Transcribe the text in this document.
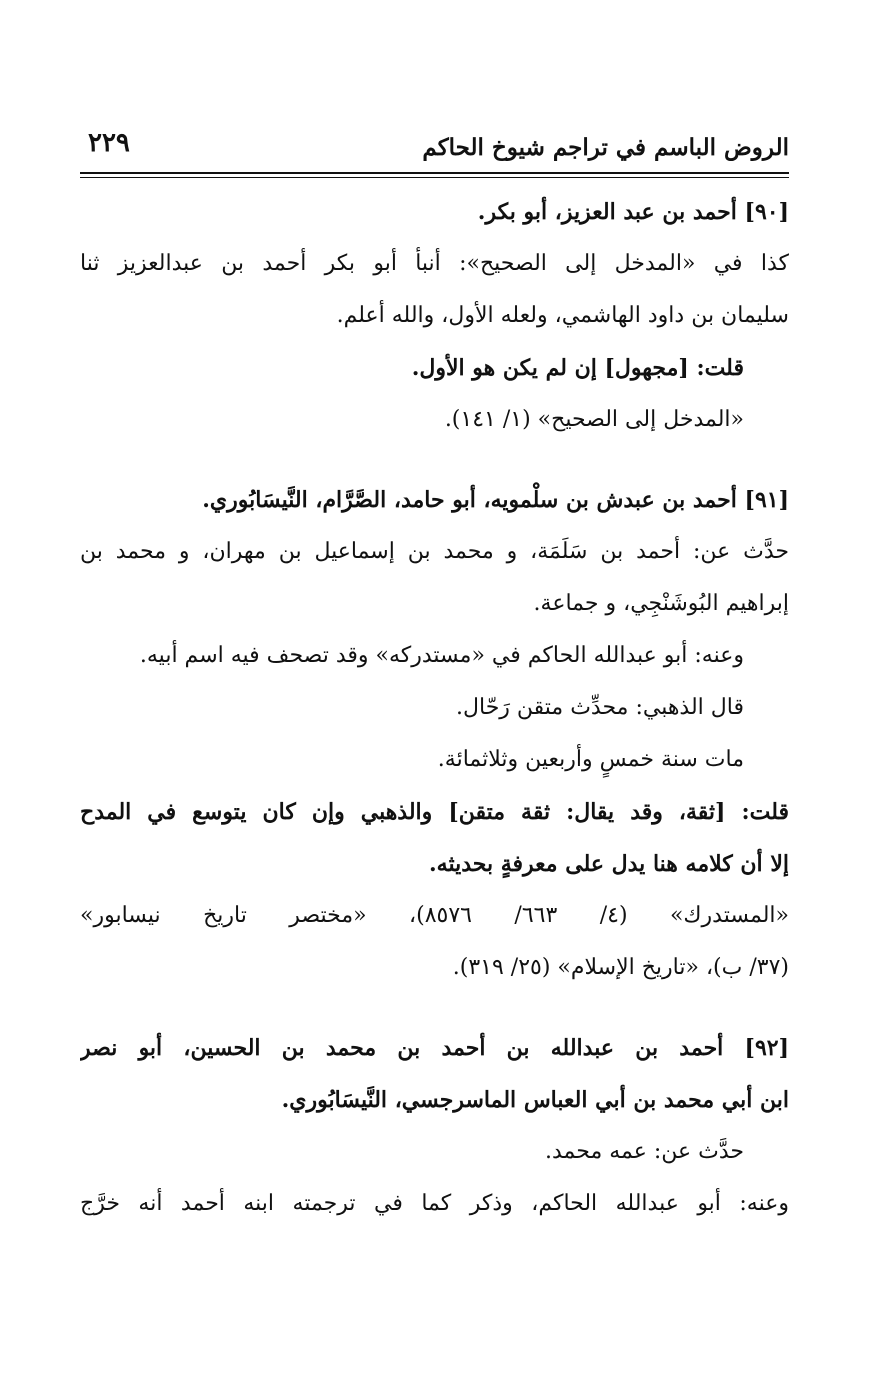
الروض الباسم في تراجم شيوخ الحاكم
٢٢٩
[٩٠] أحمد بن عبد العزيز، أبو بكر.
كذا في «المدخل إلى الصحيح»: أنبأ أبو بكر أحمد بن عبدالعزيز ثنا
سليمان بن داود الهاشمي، ولعله الأول، والله أعلم.
قلت: [مجهول] إن لم يكن هو الأول.
«المدخل إلى الصحيح» (١/ ١٤١).
[٩١] أحمد بن عبدش بن سلْمويه، أبو حامد، الصَّرَّام، النَّيسَابُوري.
حدَّث عن: أحمد بن سَلَمَة، و محمد بن إسماعيل بن مهران، و محمد بن
إبراهيم البُوشَنْجِي، و جماعة.
وعنه: أبو عبدالله الحاكم في «مستدركه» وقد تصحف فيه اسم أبيه.
قال الذهبي: محدِّث متقن رَحّال.
مات سنة خمسٍ وأربعين وثلاثمائة.
قلت: [ثقة، وقد يقال: ثقة متقن] والذهبي وإن كان يتوسع في المدح
إلا أن كلامه هنا يدل على معرفةٍ بحديثه.
«المستدرك» (٤/ ٦٦٣/ ٨٥٧٦)، «مختصر تاريخ نيسابور»
(٣٧/ ب)، «تاريخ الإسلام» (٢٥/ ٣١٩).
[٩٢] أحمد بن عبدالله بن أحمد بن محمد بن الحسين، أبو نصر
ابن أبي محمد بن أبي العباس الماسرجسي، النَّيسَابُوري.
حدَّث عن: عمه محمد.
وعنه: أبو عبدالله الحاكم، وذكر كما في ترجمته ابنه أحمد أنه خرَّج
